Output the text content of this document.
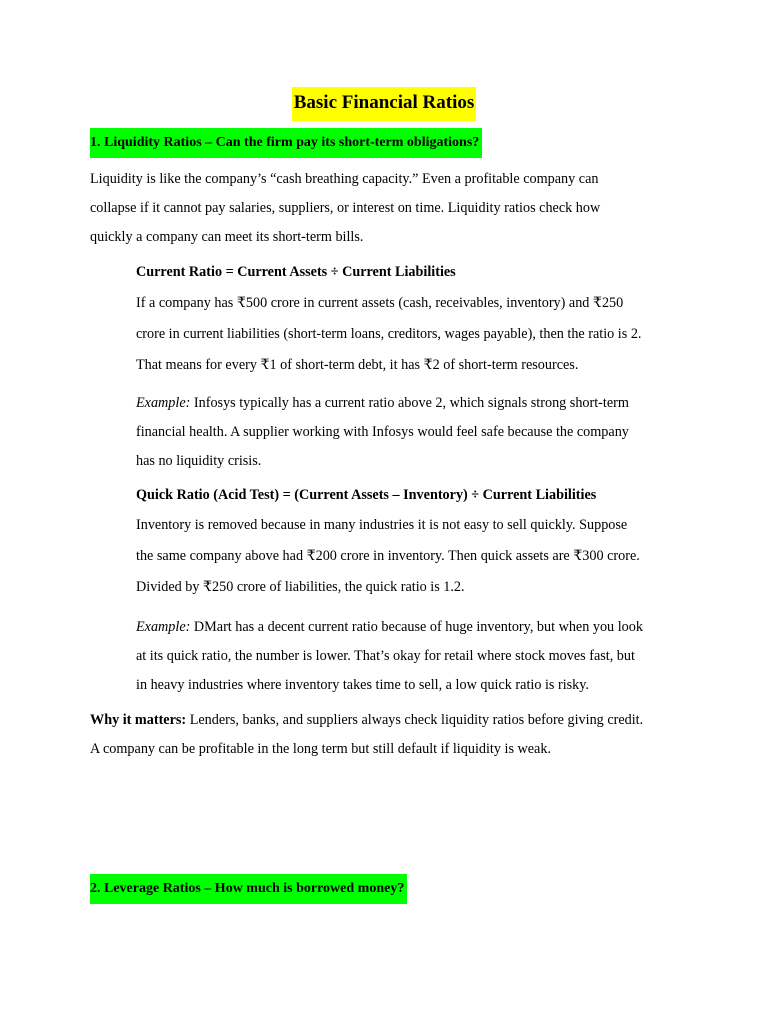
Basic Financial Ratios
1. Liquidity Ratios – Can the firm pay its short-term obligations?

Liquidity is like the company’s “cash breathing capacity.” Even a profitable company can
collapse if it cannot pay salaries, suppliers, or interest on time. Liquidity ratios check how
quickly a company can meet its short-term bills.

Current Ratio = Current Assets ÷ Current Liabilities

If a company has ₹500 crore in current assets (cash, receivables, inventory) and ₹250
crore in current liabilities (short-term loans, creditors, wages payable), then the ratio is 2.
That means for every ₹1 of short-term debt, it has ₹2 of short-term resources.

Example: Infosys typically has a current ratio above 2, which signals strong short-term
financial health. A supplier working with Infosys would feel safe because the company
has no liquidity crisis.

Quick Ratio (Acid Test) = (Current Assets – Inventory) ÷ Current Liabilities

Inventory is removed because in many industries it is not easy to sell quickly. Suppose
the same company above had ₹200 crore in inventory. Then quick assets are ₹300 crore.
Divided by ₹250 crore of liabilities, the quick ratio is 1.2.

Example: DMart has a decent current ratio because of huge inventory, but when you look
at its quick ratio, the number is lower. That’s okay for retail where stock moves fast, but
in heavy industries where inventory takes time to sell, a low quick ratio is risky.

Why it matters: Lenders, banks, and suppliers always check liquidity ratios before giving credit.
A company can be profitable in the long term but still default if liquidity is weak.

2. Leverage Ratios – How much is borrowed money?
